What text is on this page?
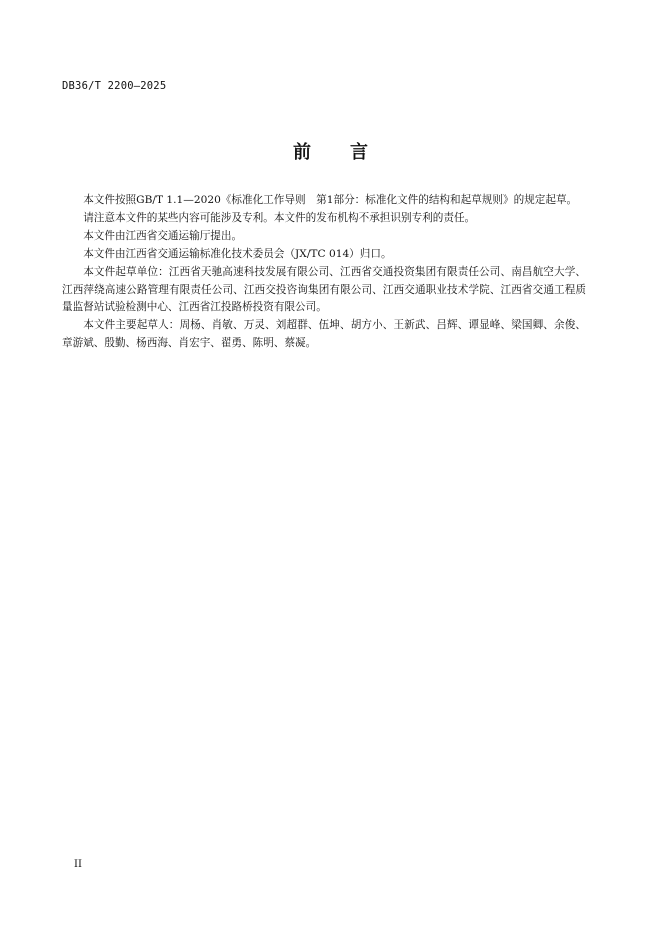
DB36/T 2200—2025
前 言

本文件按照GB/T 1.1—2020《标准化工作导则　第1部分：标准化文件的结构和起草规则》的规定起草。

请注意本文件的某些内容可能涉及专利。本文件的发布机构不承担识别专利的责任。

本文件由江西省交通运输厅提出。

本文件由江西省交通运输标准化技术委员会（JX/TC 014）归口。

本文件起草单位：江西省天驰高速科技发展有限公司、江西省交通投资集团有限责任公司、南昌航空大学、江西萍绕高速公路管理有限责任公司、江西交投咨询集团有限公司、江西交通职业技术学院、江西省交通工程质量监督站试验检测中心、江西省江投路桥投资有限公司。

本文件主要起草人：周杨、肖敏、万灵、刘超群、伍坤、胡方小、王新武、吕辉、谭显峰、梁国卿、余俊、章游斌、殷勤、杨西海、肖宏宇、翟勇、陈明、蔡凝。

II
